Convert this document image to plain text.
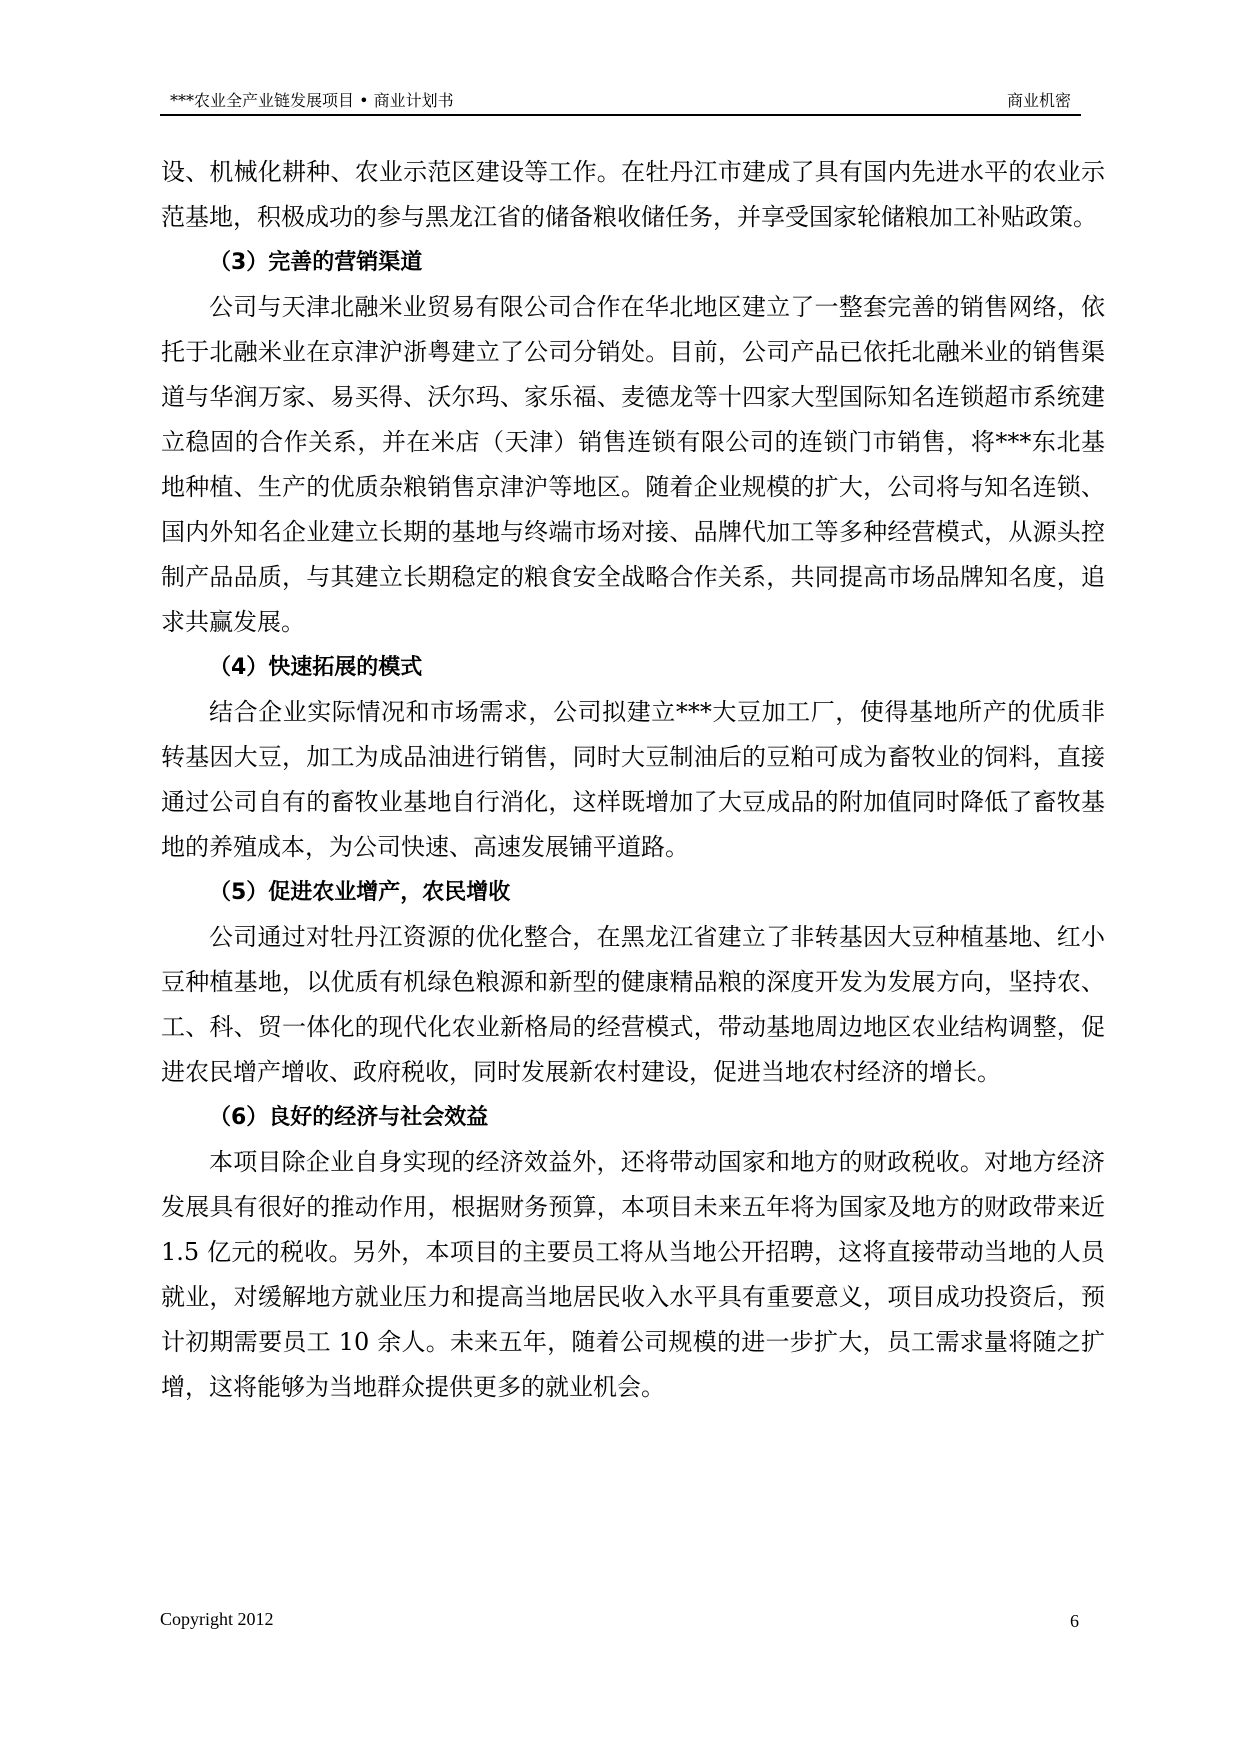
***农业全产业链发展项目 • 商业计划书	商业机密

设、机械化耕种、农业示范区建设等工作。在牡丹江市建成了具有国内先进水平的农业示范基地，积极成功的参与黑龙江省的储备粮收储任务，并享受国家轮储粮加工补贴政策。

（3）完善的营销渠道

公司与天津北融米业贸易有限公司合作在华北地区建立了一整套完善的销售网络，依托于北融米业在京津沪浙粤建立了公司分销处。目前，公司产品已依托北融米业的销售渠道与华润万家、易买得、沃尔玛、家乐福、麦德龙等十四家大型国际知名连锁超市系统建立稳固的合作关系，并在米店（天津）销售连锁有限公司的连锁门市销售，将***东北基地种植、生产的优质杂粮销售京津沪等地区。随着企业规模的扩大，公司将与知名连锁、国内外知名企业建立长期的基地与终端市场对接、品牌代加工等多种经营模式，从源头控制产品品质，与其建立长期稳定的粮食安全战略合作关系，共同提高市场品牌知名度，追求共赢发展。

（4）快速拓展的模式

结合企业实际情况和市场需求，公司拟建立***大豆加工厂，使得基地所产的优质非转基因大豆，加工为成品油进行销售，同时大豆制油后的豆粕可成为畜牧业的饲料，直接通过公司自有的畜牧业基地自行消化，这样既增加了大豆成品的附加值同时降低了畜牧基地的养殖成本，为公司快速、高速发展铺平道路。

（5）促进农业增产，农民增收

公司通过对牡丹江资源的优化整合，在黑龙江省建立了非转基因大豆种植基地、红小豆种植基地，以优质有机绿色粮源和新型的健康精品粮的深度开发为发展方向，坚持农、工、科、贸一体化的现代化农业新格局的经营模式，带动基地周边地区农业结构调整，促进农民增产增收、政府税收，同时发展新农村建设，促进当地农村经济的增长。

（6）良好的经济与社会效益

本项目除企业自身实现的经济效益外，还将带动国家和地方的财政税收。对地方经济发展具有很好的推动作用，根据财务预算，本项目未来五年将为国家及地方的财政带来近 1.5 亿元的税收。另外，本项目的主要员工将从当地公开招聘，这将直接带动当地的人员就业，对缓解地方就业压力和提高当地居民收入水平具有重要意义，项目成功投资后，预计初期需要员工 10 余人。未来五年，随着公司规模的进一步扩大，员工需求量将随之扩增，这将能够为当地群众提供更多的就业机会。

Copyright 2012	6
